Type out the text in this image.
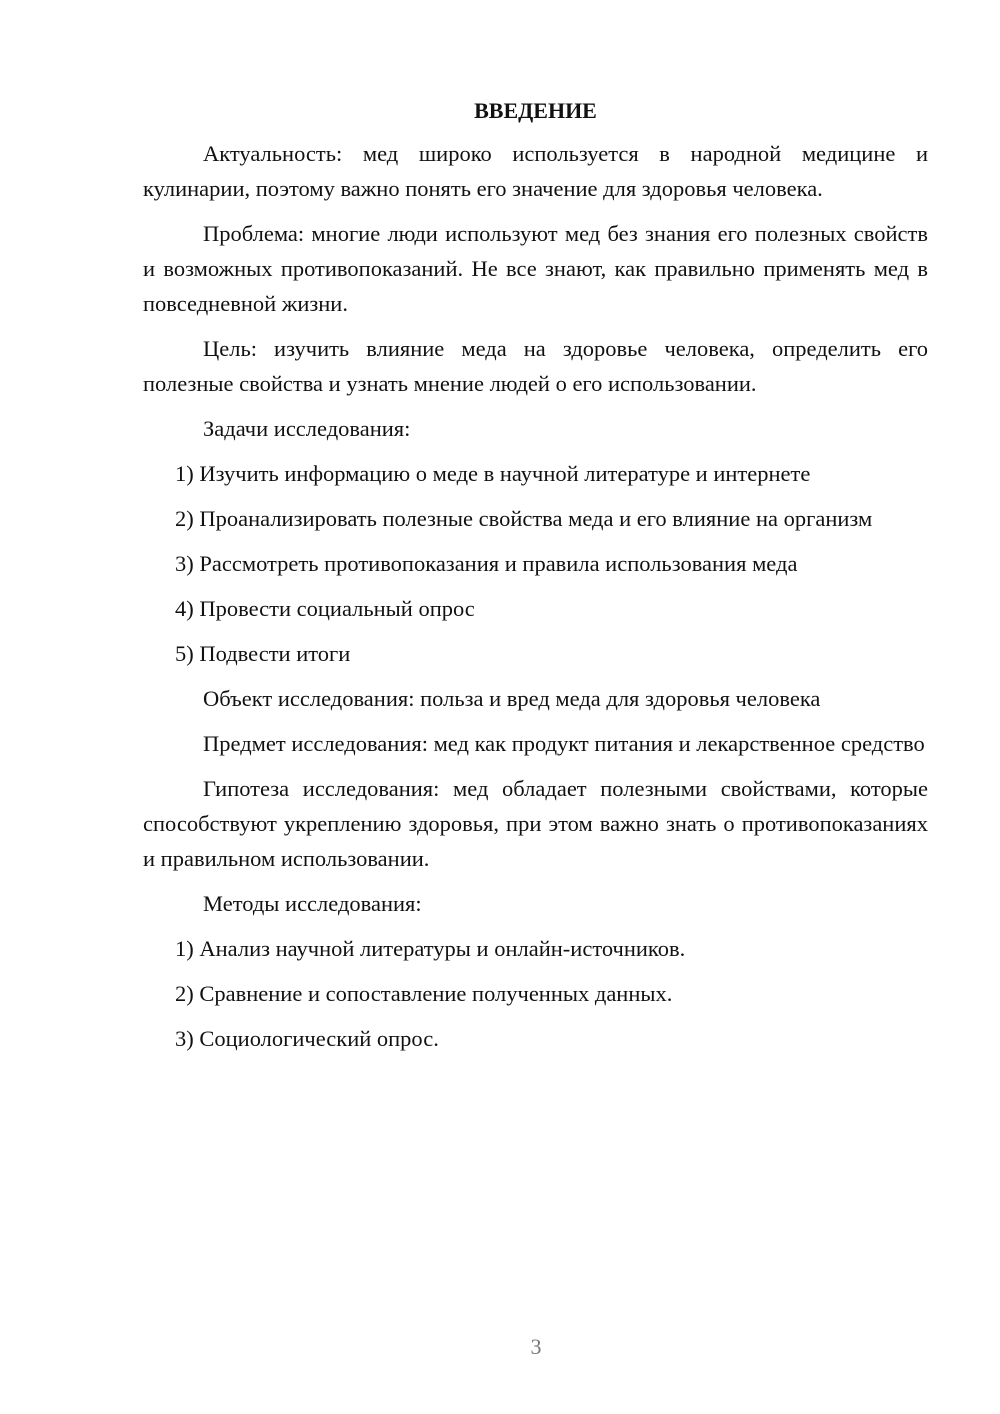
ВВЕДЕНИЕ

Актуальность: мед широко используется в народной медицине и кулинарии, поэтому важно понять его значение для здоровья человека.

Проблема: многие люди используют мед без знания его полезных свойств и возможных противопоказаний. Не все знают, как правильно применять мед в повседневной жизни.

Цель: изучить влияние меда на здоровье человека, определить его полезные свойства и узнать мнение людей о его использовании.

Задачи исследования:

1) Изучить информацию о меде в научной литературе и интернете

2) Проанализировать полезные свойства меда и его влияние на организм

3) Рассмотреть противопоказания и правила использования меда

4) Провести социальный опрос

5) Подвести итоги

Объект исследования: польза и вред меда для здоровья человека

Предмет исследования: мед как продукт питания и лекарственное средство

Гипотеза исследования: мед обладает полезными свойствами, которые способствуют укреплению здоровья, при этом важно знать о противопоказаниях и правильном использовании.

Методы исследования:

1) Анализ научной литературы и онлайн-источников.

2) Сравнение и сопоставление полученных данных.

3) Социологический опрос.

3
